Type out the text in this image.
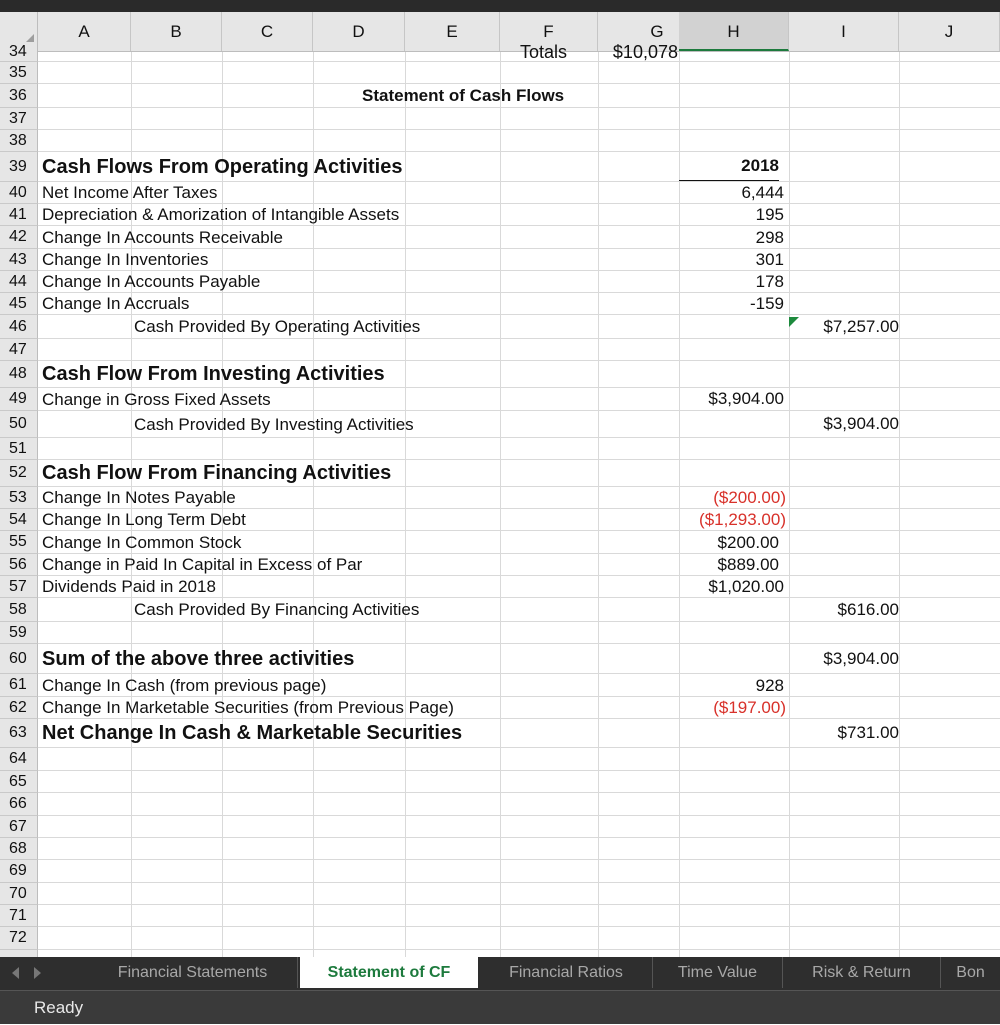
A	B	C	D	E	F	G	H	I	J
34	Totals	$10,078
35
36	Statement of Cash Flows
37
38
39 Cash Flows From Operating Activities	2018
40 Net Income After Taxes	6,444
41 Depreciation & Amorization of Intangible Assets	195
42 Change In Accounts Receivable	298
43 Change In Inventories	301
44 Change In Accounts Payable	178
45 Change In Accruals	-159
46	Cash Provided By Operating Activities	$7,257.00
47
48 Cash Flow From Investing Activities
49 Change in Gross Fixed Assets	$3,904.00
50	Cash Provided By Investing Activities	$3,904.00
51
52 Cash Flow From Financing Activities
53 Change In Notes Payable	($200.00)
54 Change In Long Term Debt	($1,293.00)
55 Change In Common Stock	$200.00
56 Change in Paid In Capital in Excess of Par	$889.00
57 Dividends Paid in 2018	$1,020.00
58	Cash Provided By Financing Activities	$616.00
59
60 Sum of the above three activities	$3,904.00
61 Change In Cash (from previous page)	928
62 Change In Marketable Securities (from Previous Page)	($197.00)
63 Net Change In Cash & Marketable Securities	$731.00
64
65
66
67
68
69
70
71
72
Financial Statements	Statement of CF	Financial Ratios	Time Value	Risk & Return	Bon
Ready
